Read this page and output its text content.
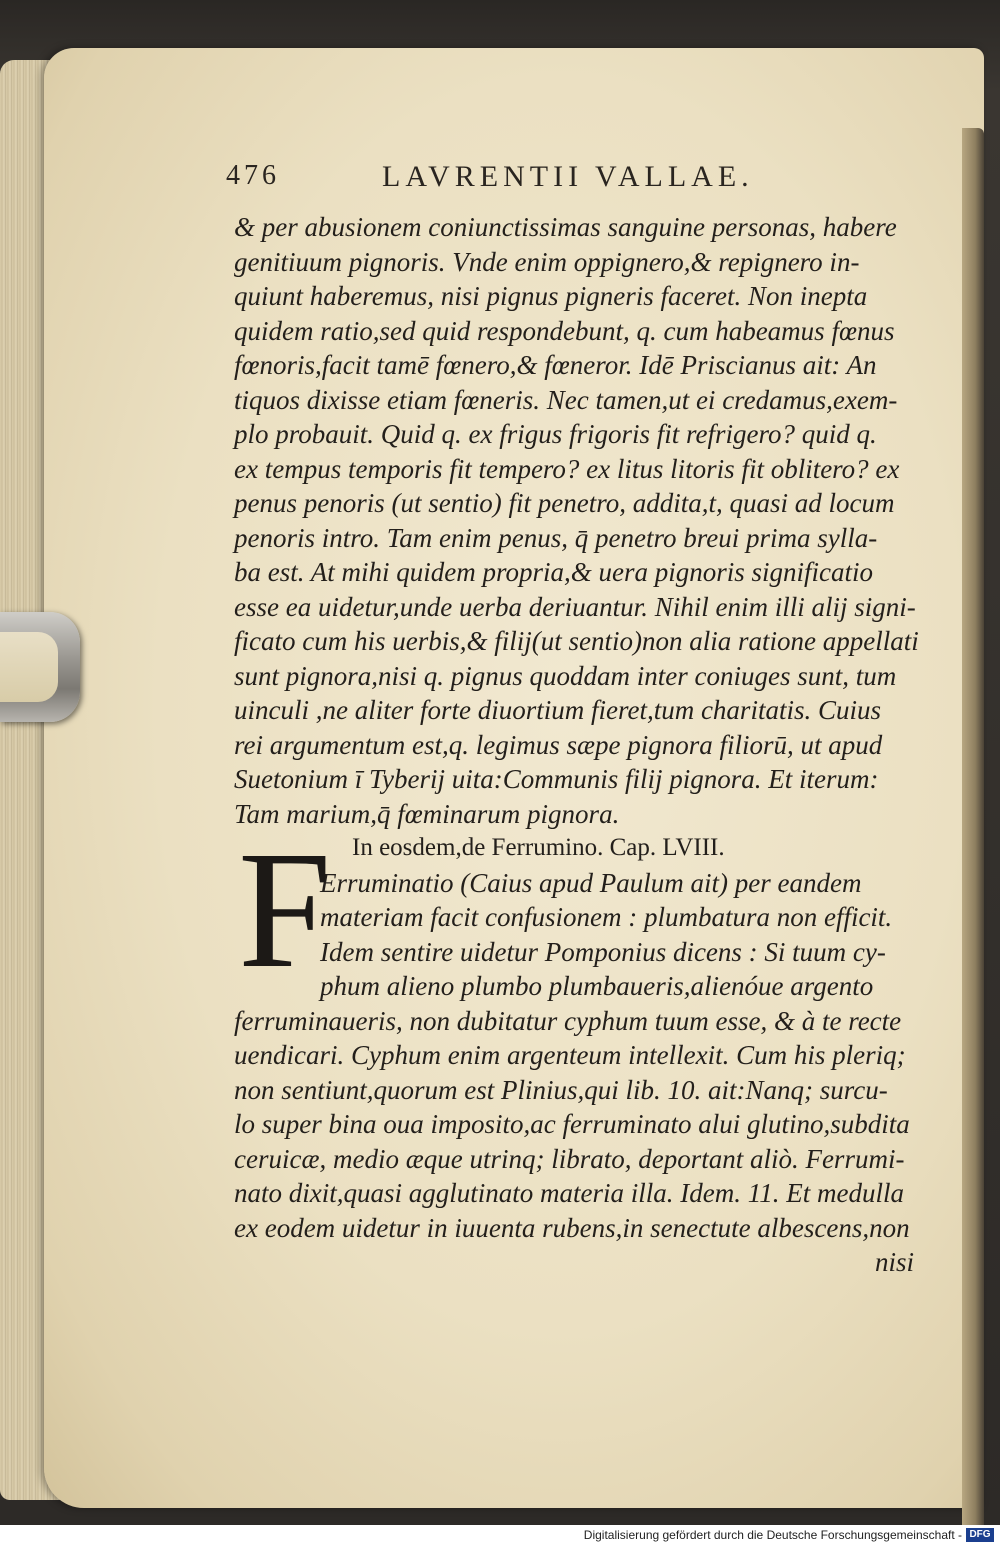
476	LAVRENTII VALLAE.
& per abusionem coniunctissimas sanguine personas, habere
genitiuum pignoris. Vnde enim oppignero,& repignero in-
quiunt haberemus, nisi pignus pigneris faceret. Non inepta
quidem ratio,sed quid respondebunt, q. cum habeamus fœnus
fœnoris,facit tamē fœnero,& fœneror. Idē Priscianus ait: An
tiquos dixisse etiam fœneris. Nec tamen,ut ei credamus,exem-
plo probauit. Quid q. ex frigus frigoris fit refrigero? quid q.
ex tempus temporis fit tempero? ex litus litoris fit oblitero? ex
penus penoris (ut sentio) fit penetro, addita,t, quasi ad locum
penoris intro. Tam enim penus, q̄ penetro breui prima sylla-
ba est. At mihi quidem propria,& uera pignoris significatio
esse ea uidetur,unde uerba deriuantur. Nihil enim illi alij signi-
ficato cum his uerbis,& filij(ut sentio)non alia ratione appellati
sunt pignora,nisi q. pignus quoddam inter coniuges sunt, tum
uinculi ,ne aliter forte diuortium fieret,tum charitatis. Cuius
rei argumentum est,q. legimus sæpe pignora filiorū, ut apud
Suetonium ī Tyberij uita:Communis filij pignora. Et iterum:
Tam marium,q̄ fœminarum pignora.
In eosdem,de Ferrumino. Cap. LVIII.
Erruminatio (Caius apud Paulum ait) per eandem
materiam facit confusionem : plumbatura non efficit.
Idem sentire uidetur Pomponius dicens : Si tuum cy-
phum alieno plumbo plumbaueris,alienóue argento
ferruminaueris, non dubitatur cyphum tuum esse, & à te recte
uendicari. Cyphum enim argenteum intellexit. Cum his pleriq;
non sentiunt,quorum est Plinius,qui lib. 10. ait:Nanq; surcu-
lo super bina oua imposito,ac ferruminato alui glutino,subdita
ceruicæ, medio æque utrinq; librato, deportant aliò. Ferrumi-
nato dixit,quasi agglutinato materia illa. Idem. 11. Et medulla
ex eodem uidetur in iuuenta rubens,in senectute albescens,non
nisi
F
Digitalisierung gefördert durch die Deutsche Forschungsgemeinschaft - DFG
